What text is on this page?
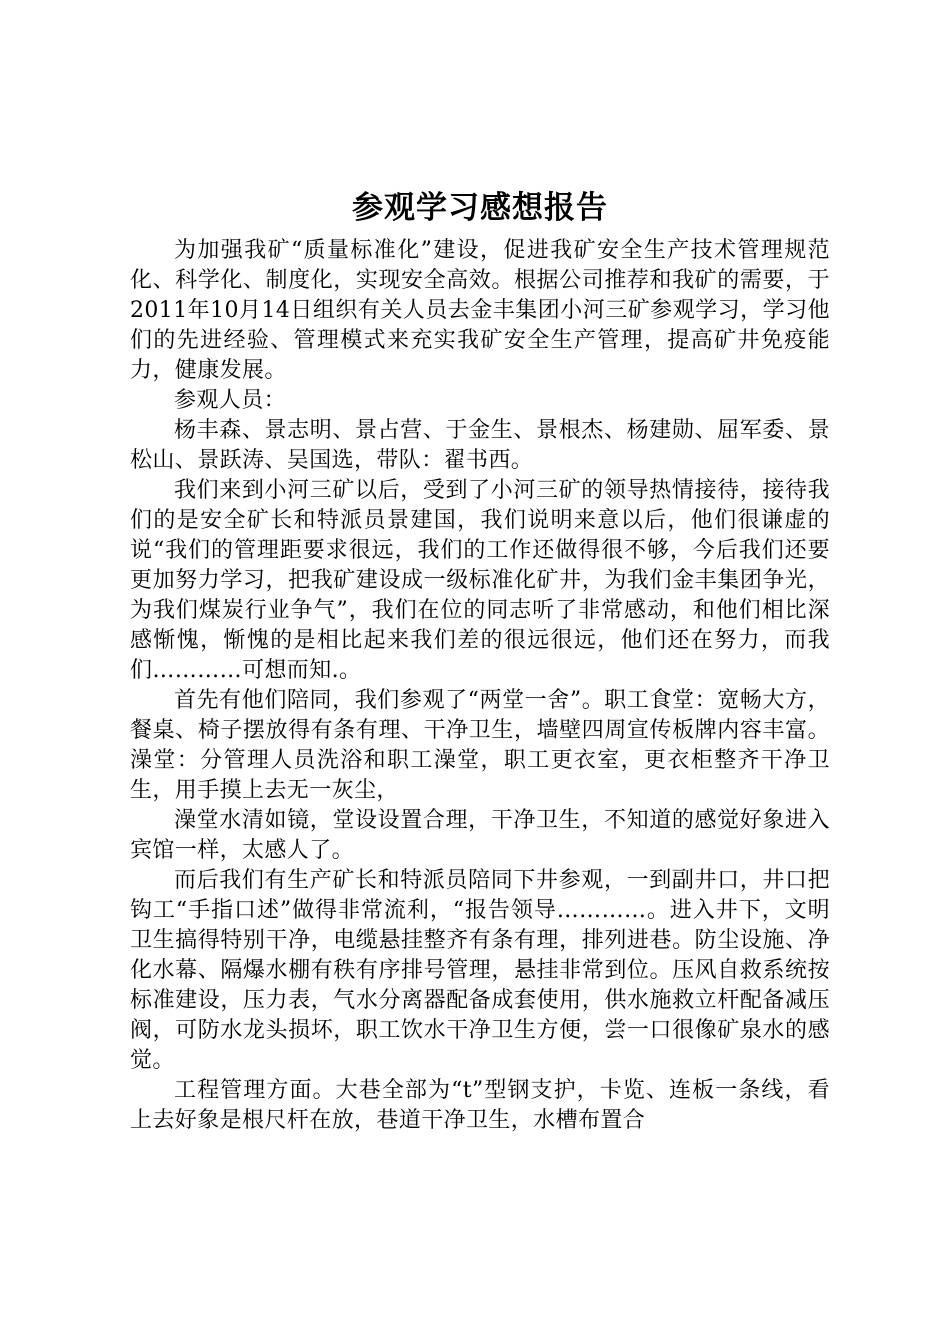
参观学习感想报告

为加强我矿“质量标准化”建设，促进我矿安全生产技术管理规范化、科学化、制度化，实现安全高效。根据公司推荐和我矿的需要，于2011年10月14日组织有关人员去金丰集团小河三矿参观学习，学习他们的先进经验、管理模式来充实我矿安全生产管理，提高矿井免疫能力，健康发展。

参观人员：

杨丰森、景志明、景占营、于金生、景根杰、杨建勋、屈军委、景松山、景跃涛、吴国选，带队：翟书西。

我们来到小河三矿以后，受到了小河三矿的领导热情接待，接待我们的是安全矿长和特派员景建国，我们说明来意以后，他们很谦虚的说“我们的管理距要求很远，我们的工作还做得很不够，今后我们还要更加努力学习，把我矿建设成一级标准化矿井，为我们金丰集团争光，为我们煤炭行业争气”，我们在位的同志听了非常感动，和他们相比深感惭愧，惭愧的是相比起来我们差的很远很远，他们还在努力，而我们…………可想而知.。

首先有他们陪同，我们参观了“两堂一舍”。职工食堂：宽畅大方，餐桌、椅子摆放得有条有理、干净卫生，墙壁四周宣传板牌内容丰富。澡堂：分管理人员洗浴和职工澡堂，职工更衣室，更衣柜整齐干净卫生，用手摸上去无一灰尘，

澡堂水清如镜，堂设设置合理，干净卫生，不知道的感觉好象进入宾馆一样，太感人了。

而后我们有生产矿长和特派员陪同下井参观，一到副井口，井口把钩工“手指口述”做得非常流利，“报告领导…………。进入井下，文明卫生搞得特别干净，电缆悬挂整齐有条有理，排列进巷。防尘设施、净化水幕、隔爆水棚有秩有序排号管理，悬挂非常到位。压风自救系统按标准建设，压力表，气水分离器配备成套使用，供水施救立杆配备减压阀，可防水龙头损坏，职工饮水干净卫生方便，尝一口很像矿泉水的感觉。

工程管理方面。大巷全部为“t”型钢支护，卡览、连板一条线，看上去好象是根尺杆在放，巷道干净卫生，水槽布置合
